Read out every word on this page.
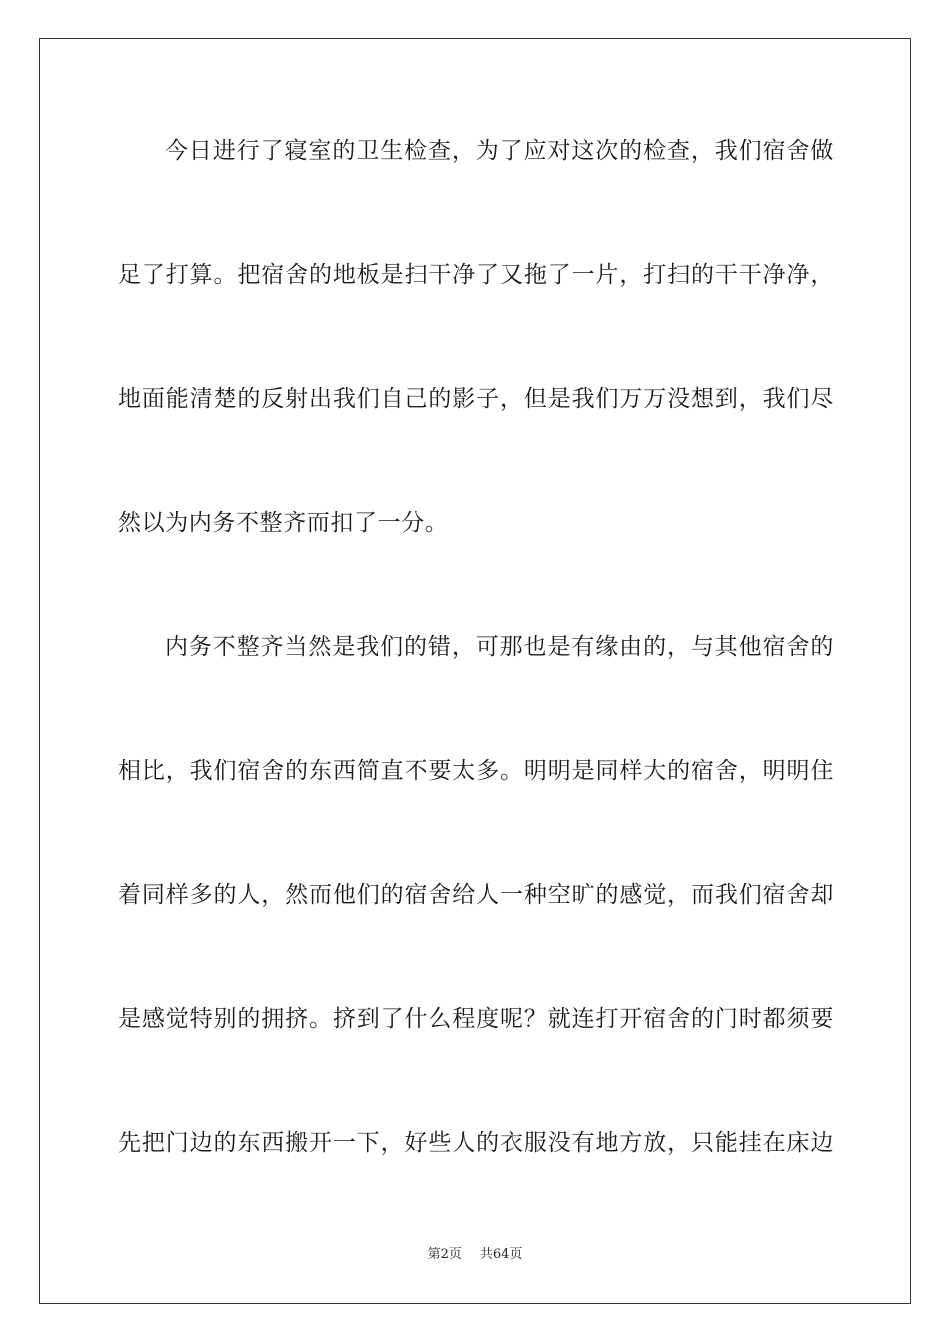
今日进行了寝室的卫生检查，为了应对这次的检查，我们宿舍做
足了打算。把宿舍的地板是扫干净了又拖了一片，打扫的干干净净，
地面能清楚的反射出我们自己的影子，但是我们万万没想到，我们尽
然以为内务不整齐而扣了一分。
内务不整齐当然是我们的错，可那也是有缘由的，与其他宿舍的
相比，我们宿舍的东西简直不要太多。明明是同样大的宿舍，明明住
着同样多的人，然而他们的宿舍给人一种空旷的感觉，而我们宿舍却
是感觉特别的拥挤。挤到了什么程度呢？就连打开宿舍的门时都须要
先把门边的东西搬开一下，好些人的衣服没有地方放，只能挂在床边
第2页 共64页
